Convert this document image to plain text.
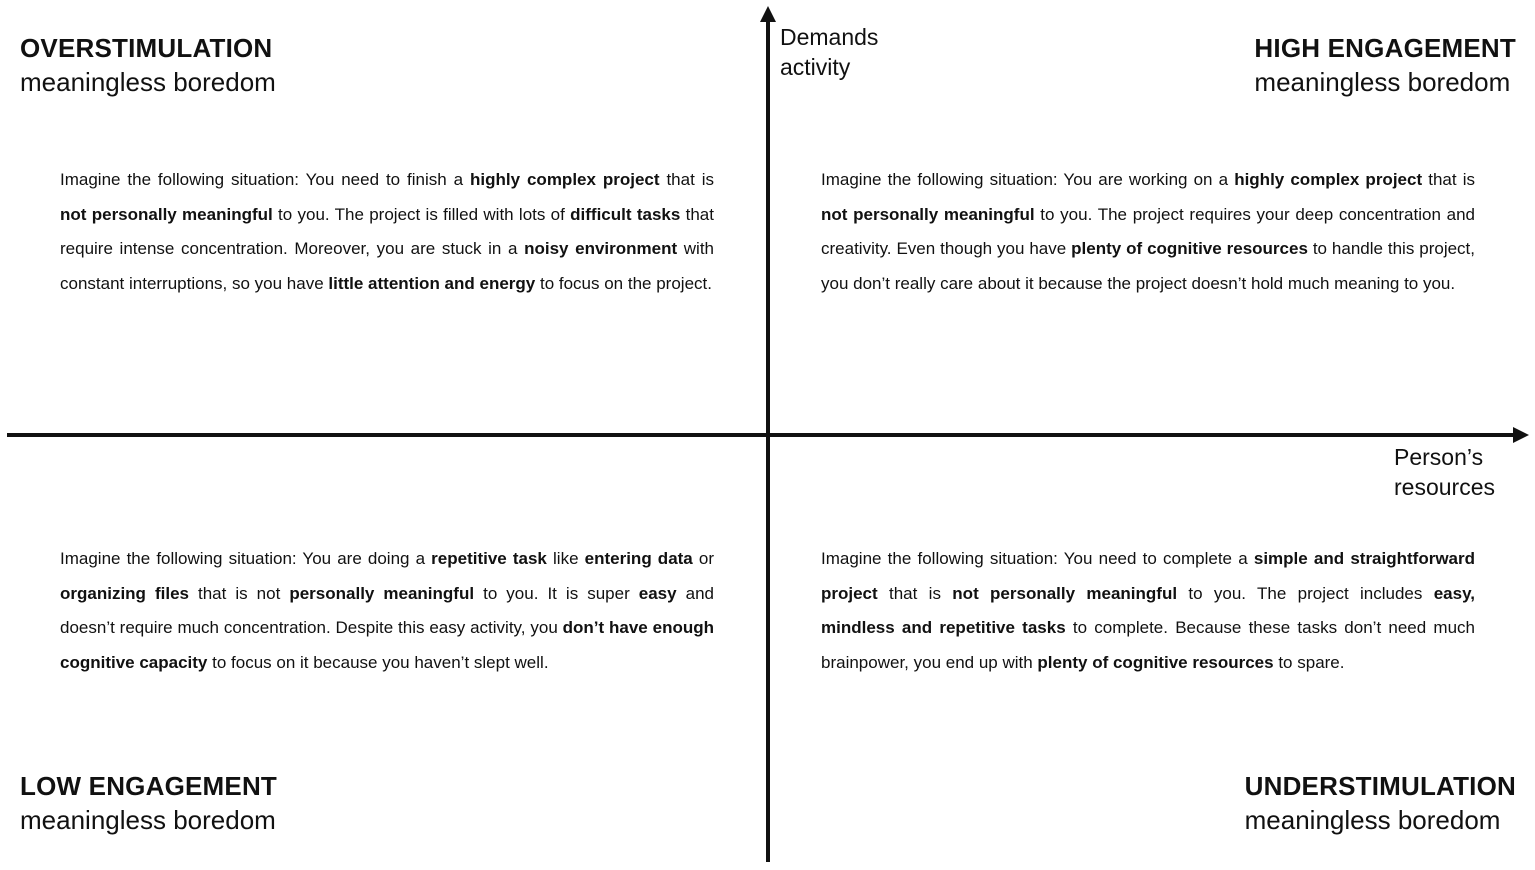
Demands
activity
Person’s
resources
OVERSTIMULATION
meaningless boredom
HIGH ENGAGEMENT
meaningless boredom
LOW ENGAGEMENT
meaningless boredom
UNDERSTIMULATION
meaningless boredom

Imagine the following situation: You need to finish a highly complex project that is not personally meaningful to you. The project is filled with lots of difficult tasks that require intense concentration. Moreover, you are stuck in a noisy environment with constant interruptions, so you have little attention and energy to focus on the project.

Imagine the following situation: You are working on a highly complex project that is not personally meaningful to you. The project requires your deep concentration and creativity. Even though you have plenty of cognitive resources to handle this project, you don’t really care about it because the project doesn’t hold much meaning to you.

Imagine the following situation: You are doing a repetitive task like entering data or organizing files that is not personally meaningful to you. It is super easy and doesn’t require much concentration. Despite this easy activity, you don’t have enough cognitive capacity to focus on it because you haven’t slept well.

Imagine the following situation: You need to complete a simple and straightforward project that is not personally meaningful to you. The project includes easy, mindless and repetitive tasks to complete. Because these tasks don’t need much brainpower, you end up with plenty of cognitive resources to spare.
